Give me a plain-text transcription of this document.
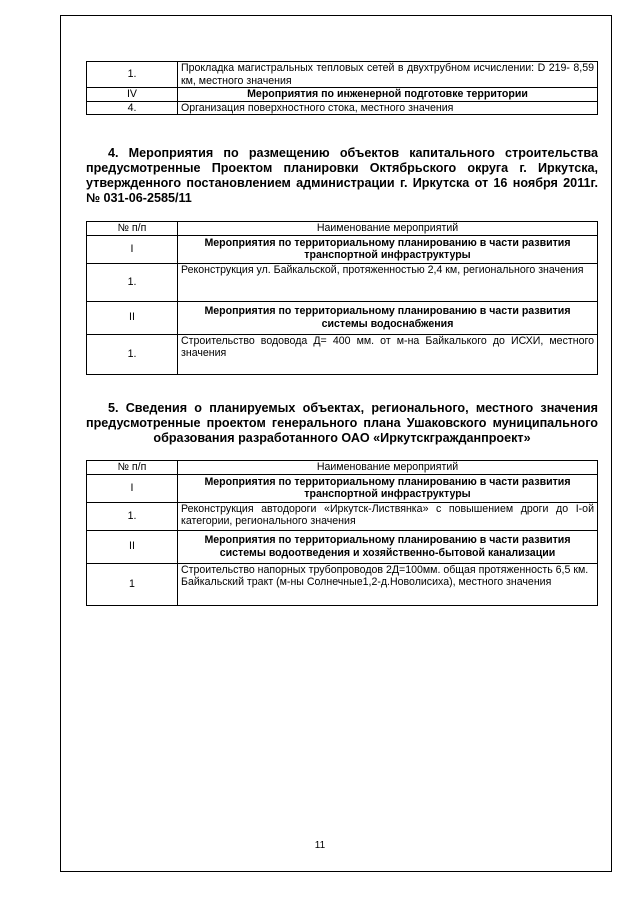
1.	Прокладка магистральных тепловых сетей в двухтрубном исчислении: D 219- 8,59 км, местного значения
IV	Мероприятия по инженерной подготовке территории
4.	Организация поверхностного стока, местного значения

4. Мероприятия по размещению объектов капитального строительства предусмотренные Проектом планировки Октябрьского округа г. Иркутска, утвержденного постановлением администрации г. Иркутска от 16 ноября 2011г. № 031-06-2585/11

№ п/п	Наименование мероприятий
I	Мероприятия по территориальному планированию в части развития транспортной инфраструктуры
1.	Реконструкция ул. Байкальской, протяженностью 2,4 км, регионального значения
II	Мероприятия по территориальному планированию в части развития системы водоснабжения
1.	Строительство водовода Д= 400 мм. от м-на Байкалького до ИСХИ, местного значения

5. Сведения о планируемых объектах, регионального, местного значения предусмотренные проектом генерального плана Ушаковского муниципального образования разработанного ОАО «Иркутскгражданпроект»

№ п/п	Наименование мероприятий
I	Мероприятия по территориальному планированию в части развития транспортной инфраструктуры
1.	Реконструкция автодороги «Иркутск-Листвянка» с повышением дроги до I-ой категории, регионального значения
II	Мероприятия по территориальному планированию в части развития системы водоотведения и хозяйственно-бытовой канализации
1	Строительство напорных трубопроводов 2Д=100мм. общая протяженность 6,5 км. Байкальский тракт (м-ны Солнечные1,2-д.Новолисиха), местного значения
11
